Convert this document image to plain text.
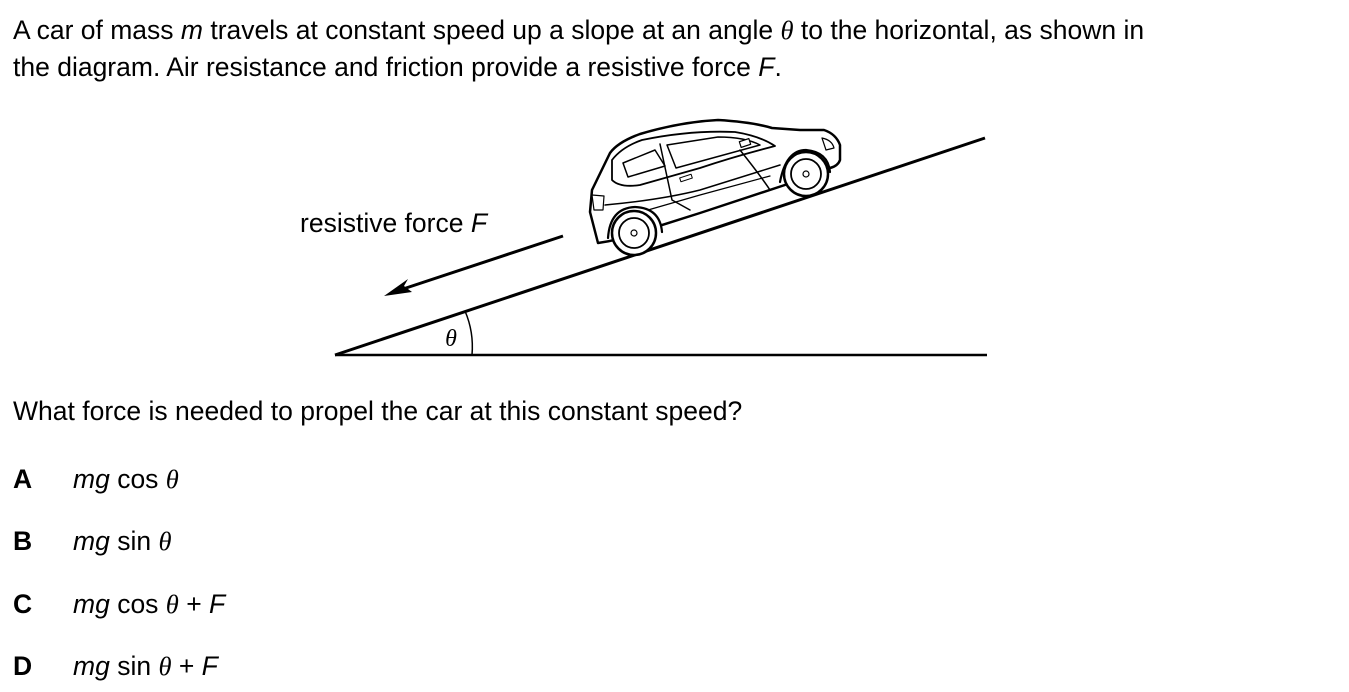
A car of mass m travels at constant speed up a slope at an angle θ to the horizontal, as shown in
the diagram. Air resistance and friction provide a resistive force F.
θ
resistive force F
What force is needed to propel the car at this constant speed?
A mg cos θ
B mg sin θ
C mg cos θ + F
D mg sin θ + F
